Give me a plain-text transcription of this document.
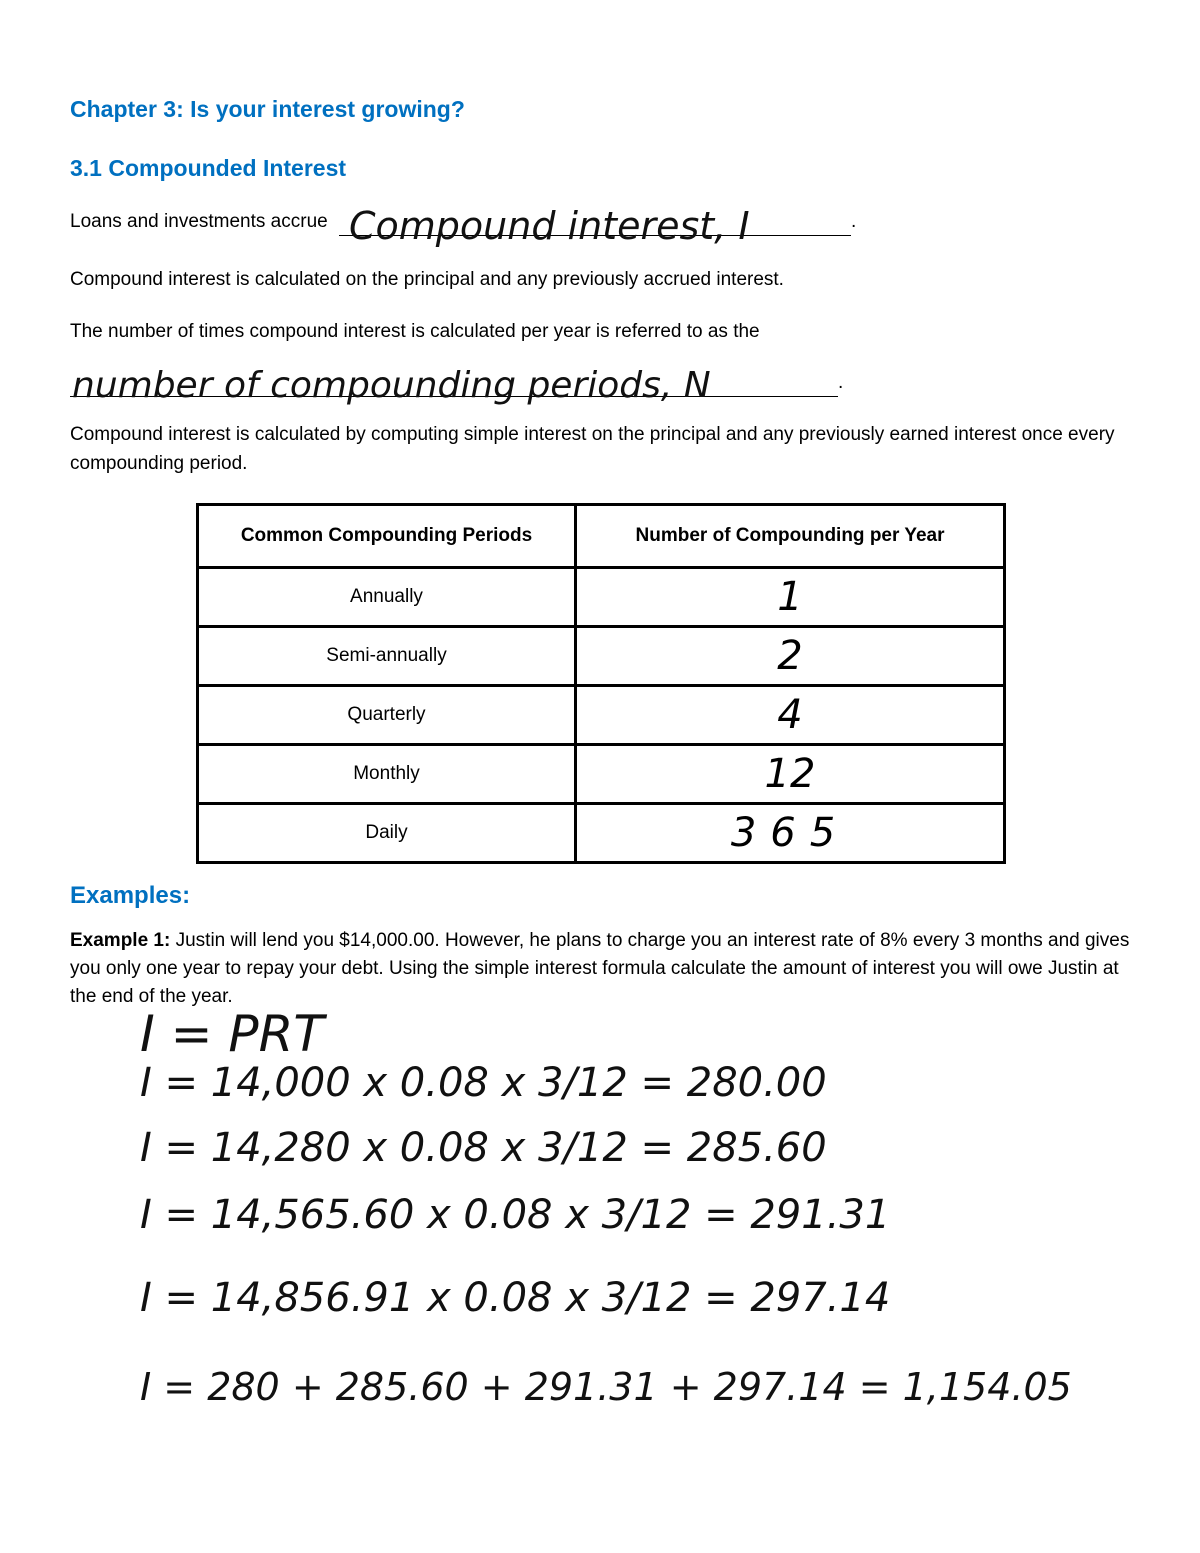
Chapter 3: Is your interest growing?
3.1 Compounded Interest
Loans and investments accrue Compound interest, I	.
Compound interest is calculated on the principal and any previously accrued interest.
The number of times compound interest is calculated per year is referred to as the
number of compounding periods, N	.
Compound interest is calculated by computing simple interest on the principal and any previously earned interest once every compounding period.
Common Compounding Periods	Number of Compounding per Year
Annually	1
Semi-annually	2
Quarterly	4
Monthly	12
Daily	365
Examples:
Example 1: Justin will lend you $14,000.00. However, he plans to charge you an interest rate of 8% every 3 months and gives you only one year to repay your debt. Using the simple interest formula calculate the amount of interest you will owe Justin at the end of the year.
I = PRT
I = 14,000 x 0.08 x 3/12 = 280.00
I = 14,280 x 0.08 x 3/12 = 285.60
I = 14,565.60 x 0.08 x 3/12 = 291.31
I = 14,856.91 x 0.08 x 3/12 = 297.14
I = 280 + 285.60 + 291.31 + 297.14 = 1,154.05
